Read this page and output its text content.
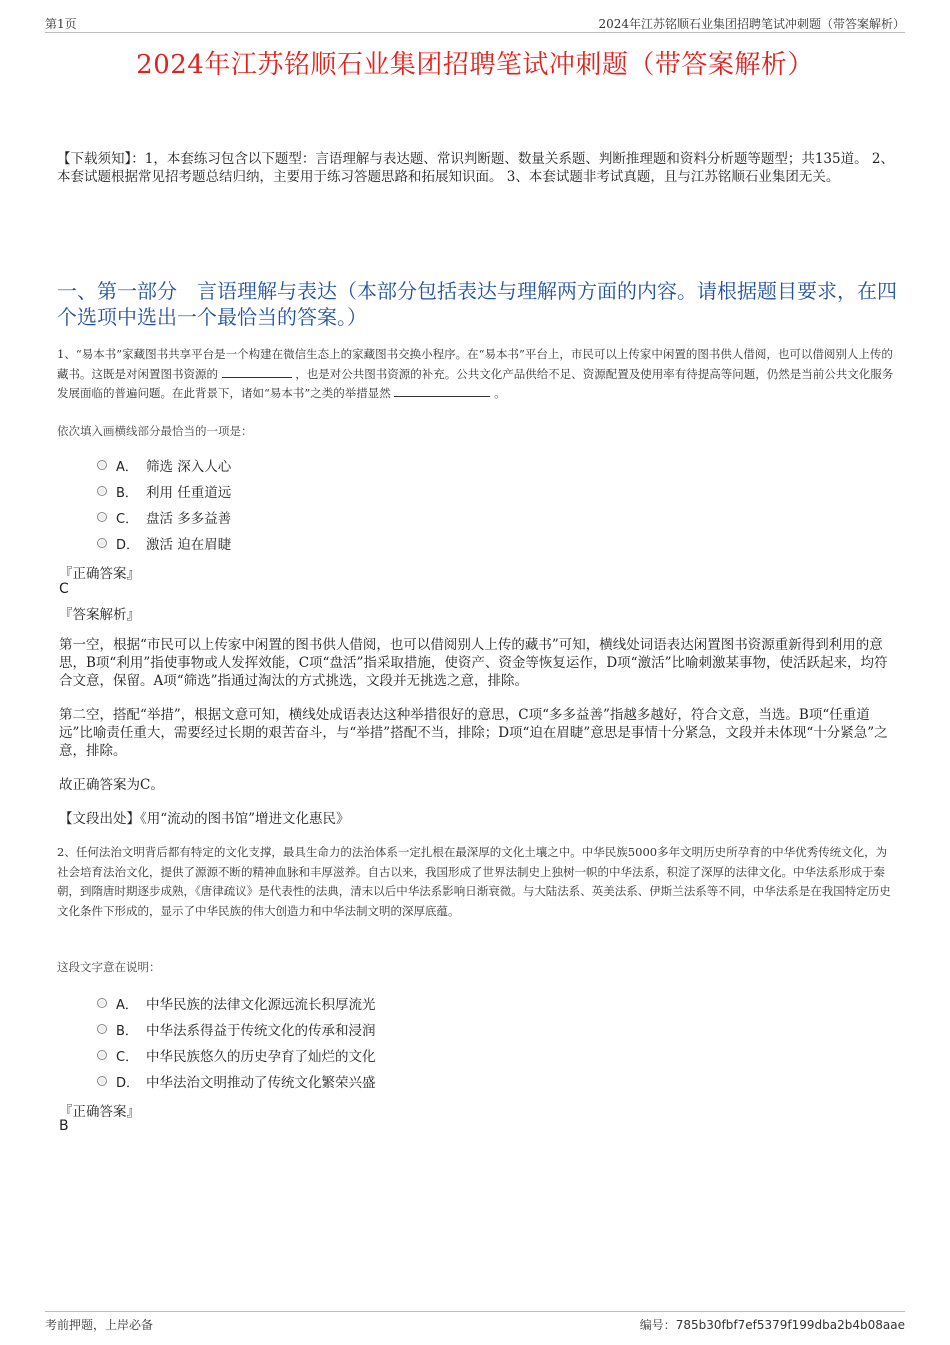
第1页	2024年江苏铭顺石业集团招聘笔试冲刺题（带答案解析）
2024年江苏铭顺石业集团招聘笔试冲刺题（带答案解析）
【下载须知】：1，本套练习包含以下题型：言语理解与表达题、常识判断题、数量关系题、判断推理题和资料分析题等题型；共135道。 2、本套试题根据常见招考题总结归纳，主要用于练习答题思路和拓展知识面。 3、本套试题非考试真题，且与江苏铭顺石业集团无关。
一、第一部分　言语理解与表达（本部分包括表达与理解两方面的内容。请根据题目要求，在四个选项中选出一个最恰当的答案。）
1、“易本书”家藏图书共享平台是一个构建在微信生态上的家藏图书交换小程序。在“易本书”平台上，市民可以上传家中闲置的图书供人借阅，也可以借阅别人上传的藏书。这既是对闲置图书资源的	，也是对公共图书资源的补充。公共文化产品供给不足、资源配置及使用率有待提高等问题，仍然是当前公共文化服务发展面临的普遍问题。在此背景下，诸如“易本书”之类的举措显然	。
依次填入画横线部分最恰当的一项是：
A． 筛选 深入人心
B． 利用 任重道远
C． 盘活 多多益善
D． 激活 迫在眉睫
『正确答案』
C
『答案解析』
第一空，根据“市民可以上传家中闲置的图书供人借阅，也可以借阅别人上传的藏书”可知，横线处词语表达闲置图书资源重新得到利用的意思，B项“利用”指使事物或人发挥效能，C项“盘活”指采取措施，使资产、资金等恢复运作，D项“激活”比喻刺激某事物，使活跃起来，均符合文意，保留。A项“筛选”指通过淘汰的方式挑选，文段并无挑选之意，排除。
第二空，搭配“举措”，根据文意可知，横线处成语表达这种举措很好的意思，C项“多多益善”指越多越好，符合文意，当选。B项“任重道远”比喻责任重大，需要经过长期的艰苦奋斗，与“举措”搭配不当，排除；D项“迫在眉睫”意思是事情十分紧急，文段并未体现“十分紧急”之意，排除。
故正确答案为C。
【文段出处】《用“流动的图书馆”增进文化惠民》
2、任何法治文明背后都有特定的文化支撑，最具生命力的法治体系一定扎根在最深厚的文化土壤之中。中华民族5000多年文明历史所孕育的中华优秀传统文化，为社会培育法治文化，提供了源源不断的精神血脉和丰厚滋养。自古以来，我国形成了世界法制史上独树一帜的中华法系，积淀了深厚的法律文化。中华法系形成于秦朝，到隋唐时期逐步成熟，《唐律疏议》是代表性的法典，清末以后中华法系影响日渐衰微。与大陆法系、英美法系、伊斯兰法系等不同，中华法系是在我国特定历史文化条件下形成的，显示了中华民族的伟大创造力和中华法制文明的深厚底蕴。
这段文字意在说明：
A． 中华民族的法律文化源远流长积厚流光
B． 中华法系得益于传统文化的传承和浸润
C． 中华民族悠久的历史孕育了灿烂的文化
D． 中华法治文明推动了传统文化繁荣兴盛
『正确答案』
B
考前押题，上岸必备	编号：785b30fbf7ef5379f199dba2b4b08aae
